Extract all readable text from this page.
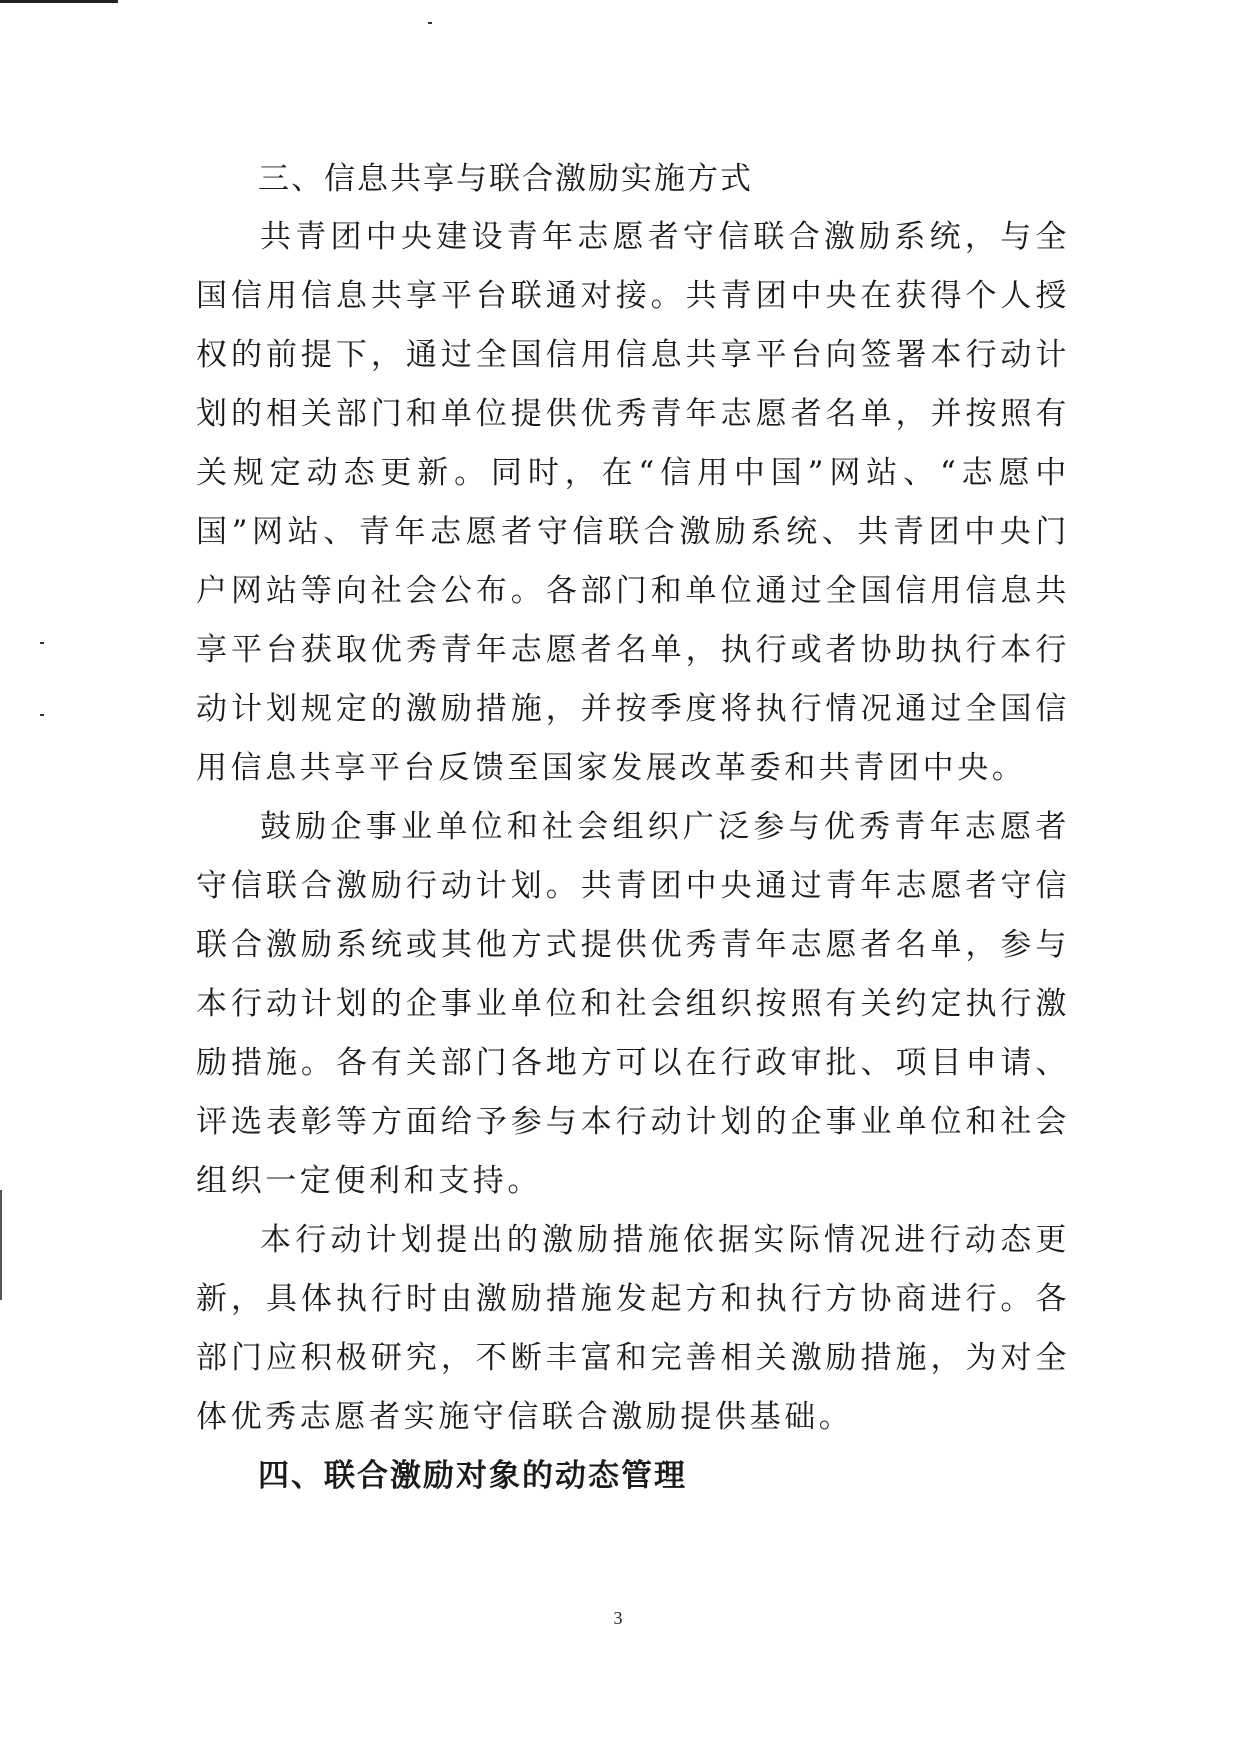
三、信息共享与联合激励实施方式

共青团中央建设青年志愿者守信联合激励系统，与全国信用信息共享平台联通对接。共青团中央在获得个人授权的前提下，通过全国信用信息共享平台向签署本行动计划的相关部门和单位提供优秀青年志愿者名单，并按照有关规定动态更新。同时，在“信用中国”网站、“志愿中国”网站、青年志愿者守信联合激励系统、共青团中央门户网站等向社会公布。各部门和单位通过全国信用信息共享平台获取优秀青年志愿者名单，执行或者协助执行本行动计划规定的激励措施，并按季度将执行情况通过全国信用信息共享平台反馈至国家发展改革委和共青团中央。

鼓励企事业单位和社会组织广泛参与优秀青年志愿者守信联合激励行动计划。共青团中央通过青年志愿者守信联合激励系统或其他方式提供优秀青年志愿者名单，参与本行动计划的企事业单位和社会组织按照有关约定执行激励措施。各有关部门各地方可以在行政审批、项目申请、评选表彰等方面给予参与本行动计划的企事业单位和社会组织一定便利和支持。

本行动计划提出的激励措施依据实际情况进行动态更新，具体执行时由激励措施发起方和执行方协商进行。各部门应积极研究，不断丰富和完善相关激励措施，为对全体优秀志愿者实施守信联合激励提供基础。

四、联合激励对象的动态管理
3
